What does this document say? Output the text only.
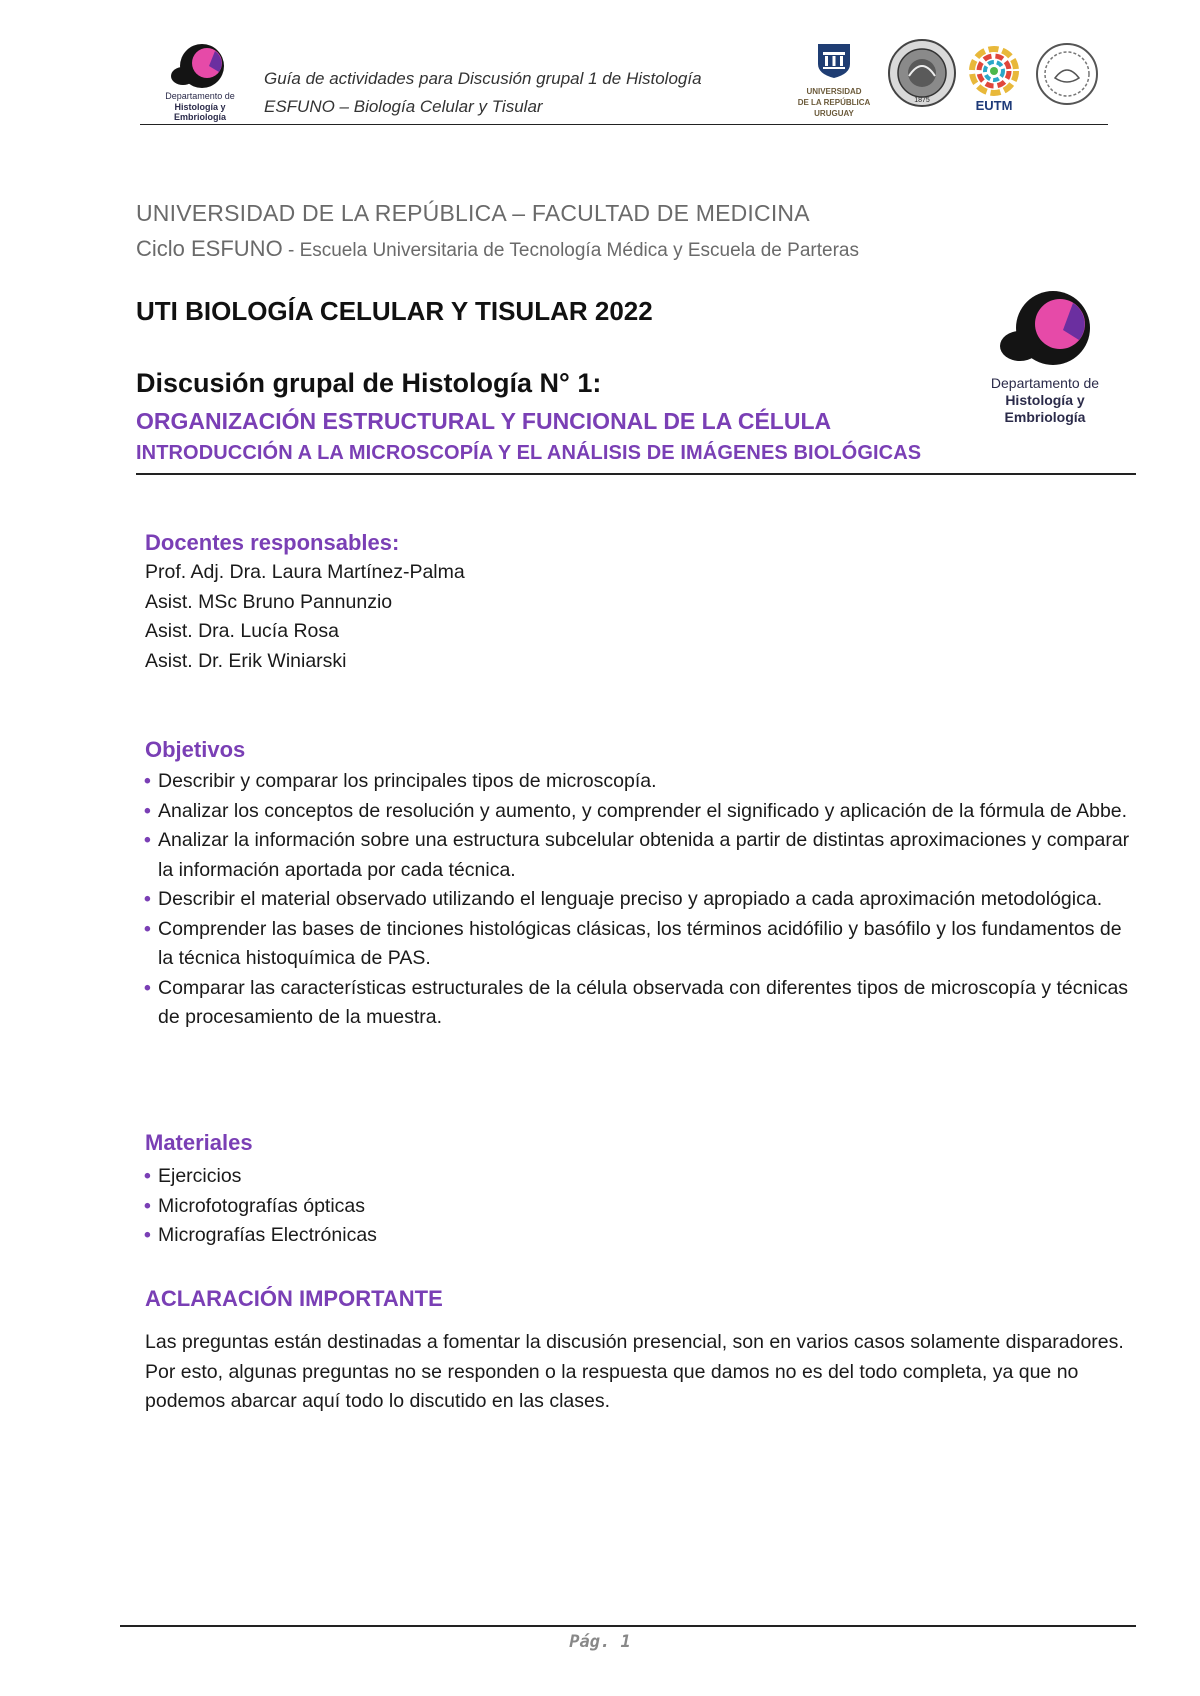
Departamento de
Histología y Embriología
Guía de actividades para Discusión grupal 1 de Histología
ESFUNO – Biología Celular y Tisular
UNIVERSIDAD
DE LA REPÚBLICA
URUGUAY
1875	EUTM
UNIVERSIDAD DE LA REPÚBLICA – FACULTAD DE MEDICINA
Ciclo ESFUNO - Escuela Universitaria de Tecnología Médica y Escuela de Parteras
UTI BIOLOGÍA CELULAR Y TISULAR 2022
Discusión grupal de Histología N° 1:
ORGANIZACIÓN ESTRUCTURAL Y FUNCIONAL DE LA CÉLULA
INTRODUCCIÓN A LA MICROSCOPÍA Y EL ANÁLISIS DE IMÁGENES BIOLÓGICAS
Departamento de
Histología y Embriología
Docentes responsables:
Prof. Adj. Dra. Laura Martínez-Palma
Asist. MSc Bruno Pannunzio
Asist. Dra. Lucía Rosa
Asist. Dr. Erik Winiarski
Objetivos
• Describir y comparar los principales tipos de microscopía.
• Analizar los conceptos de resolución y aumento, y comprender el significado y aplicación de la fórmula de Abbe.
• Analizar la información sobre una estructura subcelular obtenida a partir de distintas aproximaciones y comparar la información aportada por cada técnica.
• Describir el material observado utilizando el lenguaje preciso y apropiado a cada aproximación metodológica.
• Comprender las bases de tinciones histológicas clásicas, los términos acidófilio y basófilo y los fundamentos de la técnica histoquímica de PAS.
• Comparar las características estructurales de la célula observada con diferentes tipos de microscopía y técnicas de procesamiento de la muestra.
Materiales
• Ejercicios
• Microfotografías ópticas
• Micrografías Electrónicas
ACLARACIÓN IMPORTANTE
Las preguntas están destinadas a fomentar la discusión presencial, son en varios casos solamente disparadores. Por esto, algunas preguntas no se responden o la respuesta que damos no es del todo completa, ya que no podemos abarcar aquí todo lo discutido en las clases.
Pág. 1
